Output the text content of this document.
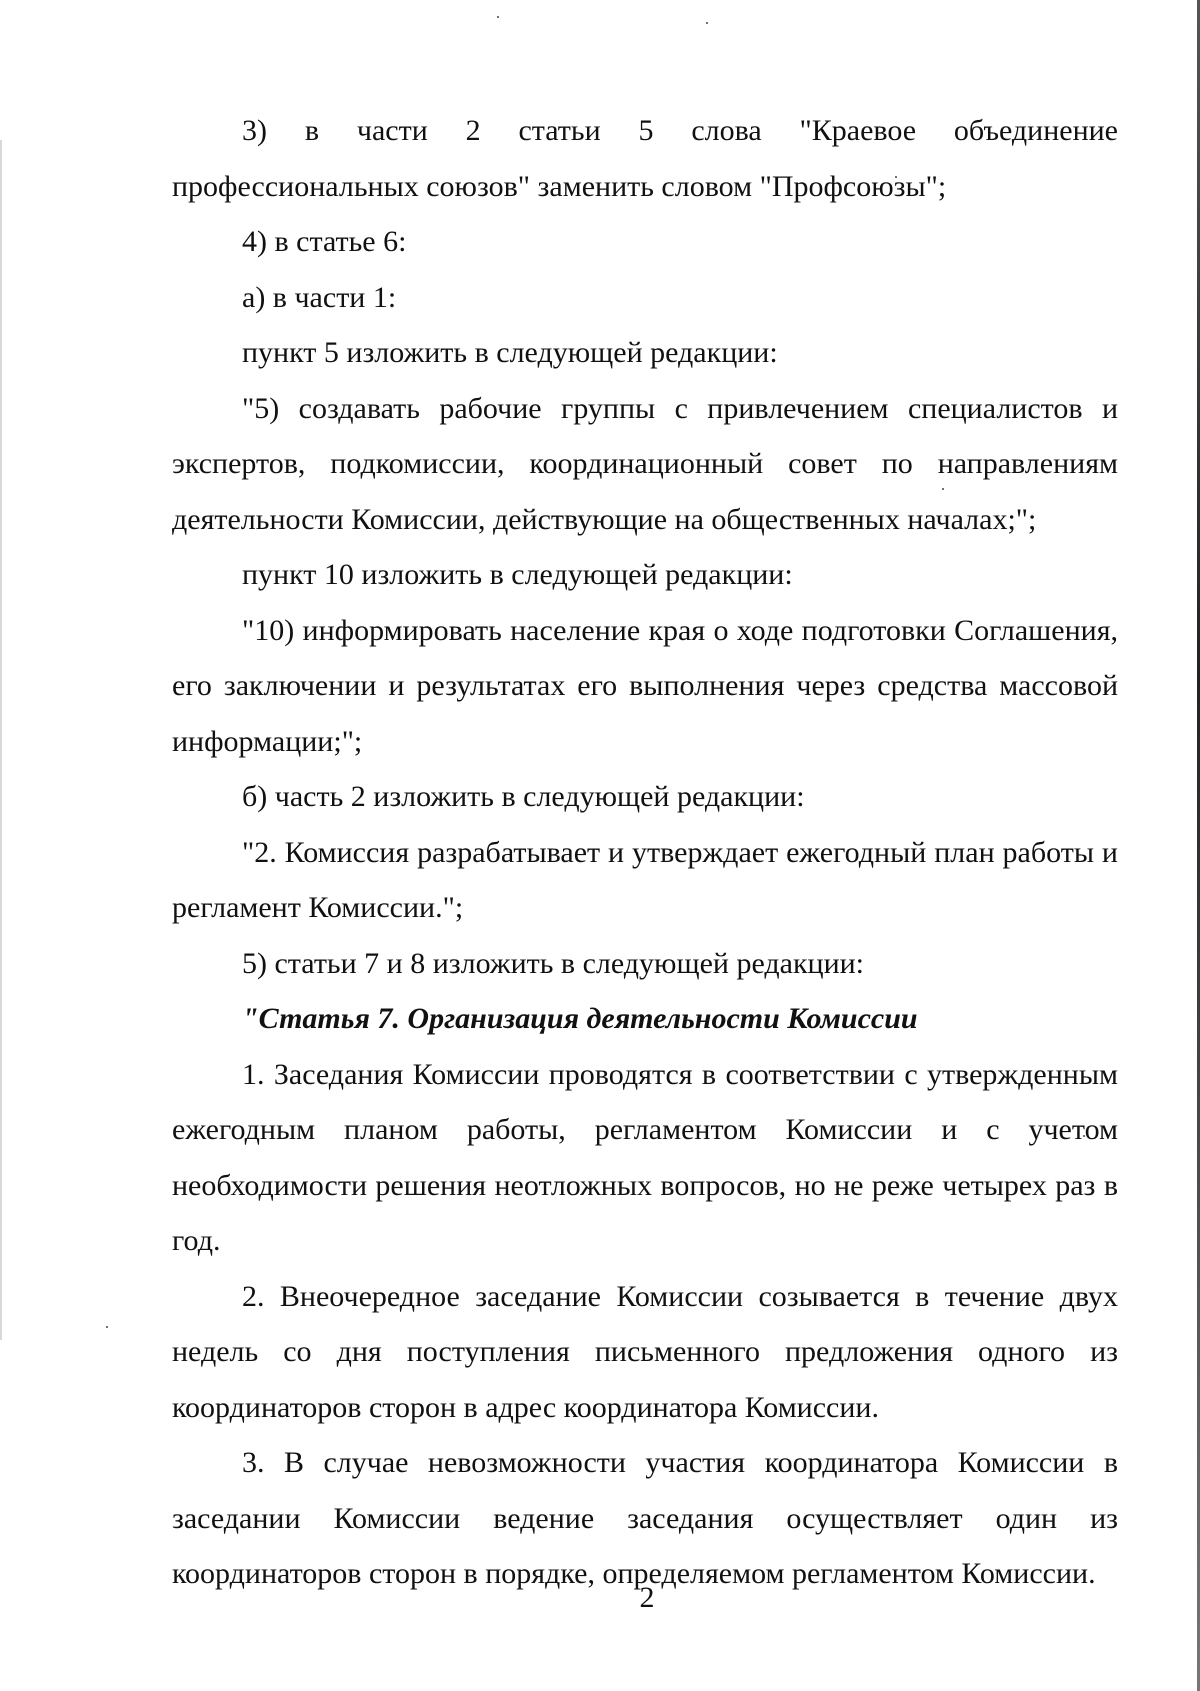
3) в части 2 статьи 5 слова "Краевое объединение профессиональных союзов" заменить словом "Профсоюзы";

4) в статье 6:

а) в части 1:

пункт 5 изложить в следующей редакции:

"5) создавать рабочие группы с привлечением специалистов и экспертов, подкомиссии, координационный совет по направлениям деятельности Комиссии, действующие на общественных началах;";

пункт 10 изложить в следующей редакции:

"10) информировать население края о ходе подготовки Соглашения, его заключении и результатах его выполнения через средства массовой информации;";

б) часть 2 изложить в следующей редакции:

"2. Комиссия разрабатывает и утверждает ежегодный план работы и регламент Комиссии.";

5) статьи 7 и 8 изложить в следующей редакции:

"Статья 7. Организация деятельности Комиссии

1. Заседания Комиссии проводятся в соответствии с утвержденным ежегодным планом работы, регламентом Комиссии и с учетом необходимости решения неотложных вопросов, но не реже четырех раз в год.

2. Внеочередное заседание Комиссии созывается в течение двух недель со дня поступления письменного предложения одного из координаторов сторон в адрес координатора Комиссии.

3. В случае невозможности участия координатора Комиссии в заседании Комиссии ведение заседания осуществляет один из координаторов сторон в порядке, определяемом регламентом Комиссии.

2
